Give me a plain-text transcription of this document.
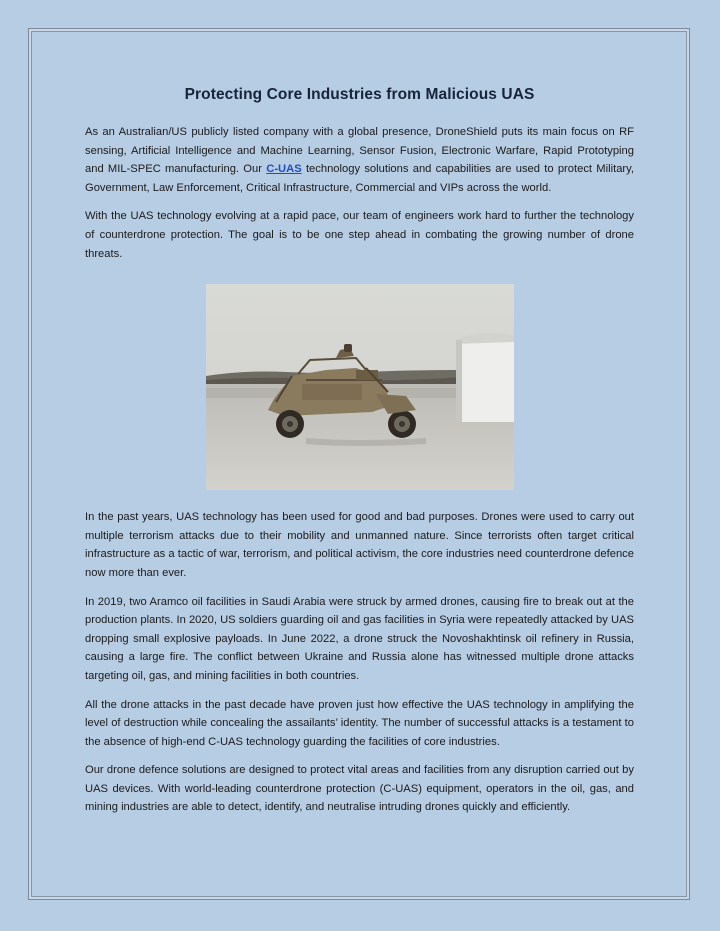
Protecting Core Industries from Malicious UAS

As an Australian/US publicly listed company with a global presence, DroneShield puts its main focus on RF sensing, Artificial Intelligence and Machine Learning, Sensor Fusion, Electronic Warfare, Rapid Prototyping and MIL-SPEC manufacturing. Our C-UAS technology solutions and capabilities are used to protect Military, Government, Law Enforcement, Critical Infrastructure, Commercial and VIPs across the world.

With the UAS technology evolving at a rapid pace, our team of engineers work hard to further the technology of counterdrone protection. The goal is to be one step ahead in combating the growing number of drone threats.

In the past years, UAS technology has been used for good and bad purposes. Drones were used to carry out multiple terrorism attacks due to their mobility and unmanned nature. Since terrorists often target critical infrastructure as a tactic of war, terrorism, and political activism, the core industries need counterdrone defence now more than ever.

In 2019, two Aramco oil facilities in Saudi Arabia were struck by armed drones, causing fire to break out at the production plants. In 2020, US soldiers guarding oil and gas facilities in Syria were repeatedly attacked by UAS dropping small explosive payloads. In June 2022, a drone struck the Novoshakhtinsk oil refinery in Russia, causing a large fire. The conflict between Ukraine and Russia alone has witnessed multiple drone attacks targeting oil, gas, and mining facilities in both countries.

All the drone attacks in the past decade have proven just how effective the UAS technology in amplifying the level of destruction while concealing the assailants’ identity. The number of successful attacks is a testament to the absence of high-end C-UAS technology guarding the facilities of core industries.

Our drone defence solutions are designed to protect vital areas and facilities from any disruption carried out by UAS devices. With world-leading counterdrone protection (C-UAS) equipment, operators in the oil, gas, and mining industries are able to detect, identify, and neutralise intruding drones quickly and efficiently.
